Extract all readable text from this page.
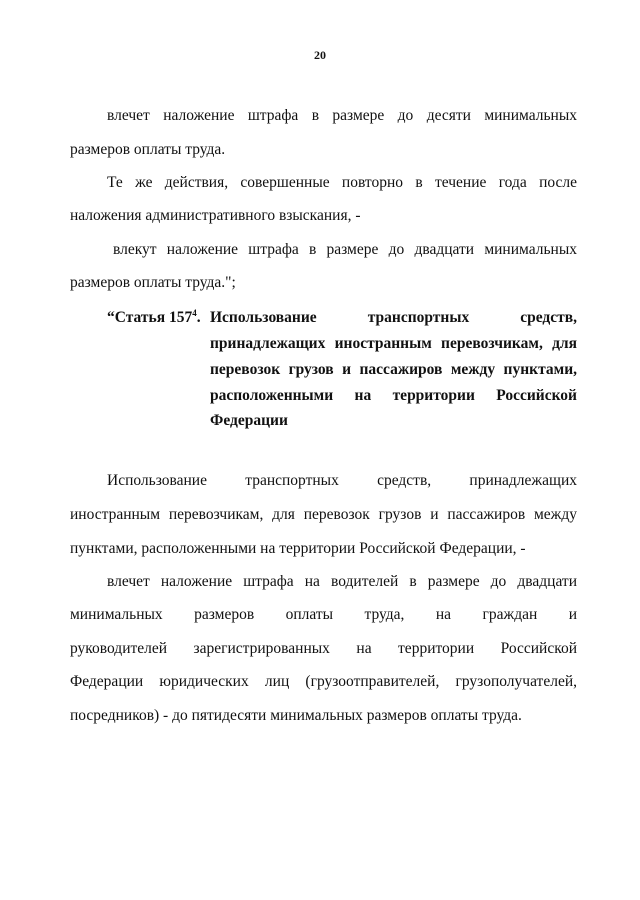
20
влечет наложение штрафа в размере до десяти минимальных
размеров оплаты труда.
Те же действия, совершенные повторно в течение года после
наложения административного взыскания, -
влекут наложение штрафа в размере до двадцати минимальных
размеров оплаты труда.";
“Статья $157^4$. Использование транспортных средств,
принадлежащих иностранным перевозчикам, для
перевозок грузов и пассажиров между пунктами,
расположенными на территории Российской
Федерации
Использование транспортных средств, принадлежащих
иностранным перевозчикам, для перевозок грузов и пассажиров между
пунктами, расположенными на территории Российской Федерации, -
влечет наложение штрафа на водителей в размере до двадцати
минимальных размеров оплаты труда, на граждан и
руководителей зарегистрированных на территории Российской
Федерации юридических лиц (грузоотправителей, грузополучателей,
посредников) - до пятидесяти минимальных размеров оплаты труда.
